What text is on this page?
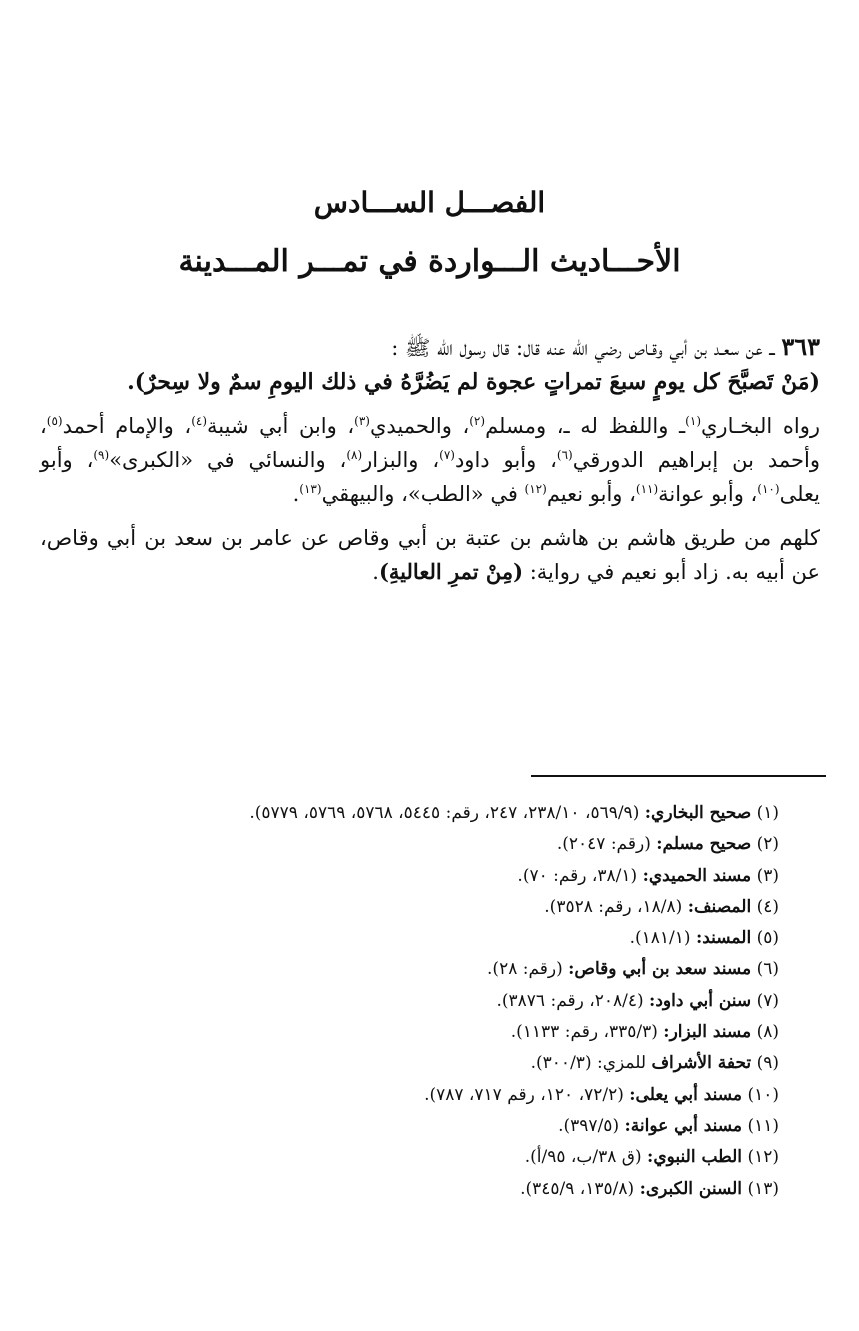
الفصـــل الســـادس
الأحـــاديث الـــواردة في تمـــر المـــدينة

٣٦٣ ــ عن سعـد بن أبي وقـاص رضي الله عنه قال: قال رسول الله ﷺ :
(مَنْ تَصبَّحَ كل يومٍ سبعَ تمراتٍ عجوة لم يَضُرَّهُ في ذلك اليومِ سمٌ ولا سِحرٌ).

رواه البخـاري$^{(١)}$ـ واللفظ له ـ، ومسلم$^{(٢)}$، والحميدي$^{(٣)}$، وابن أبي شيبة$^{(٤)}$، والإمام أحمد$^{(٥)}$، وأحمد بن إبراهيم الدورقي$^{(٦)}$، وأبو داود$^{(٧)}$، والبزار$^{(٨)}$، والنسائي في «الكبرى»$^{(٩)}$، وأبو يعلى$^{(١٠)}$، وأبو عوانة$^{(١١)}$، وأبو نعيم$^{(١٢)}$ في «الطب»، والبيهقي$^{(١٣)}$.

كلهم من طريق هاشم بن هاشم بن عتبة بن أبي وقاص عن عامر بن سعد بن أبي وقاص، عن أبيه به. زاد أبو نعيم في رواية: (مِنْ تمرِ العاليةِ).

(١) صحيح البخاري: (٥٦٩/٩، ٢٣٨/١٠، ٢٤٧، رقم: ٥٤٤٥، ٥٧٦٨، ٥٧٦٩، ٥٧٧٩).
(٢) صحيح مسلم: (رقم: ٢٠٤٧).
(٣) مسند الحميدي: (٣٨/١، رقم: ٧٠).
(٤) المصنف: (١٨/٨، رقم: ٣٥٢٨).
(٥) المسند: (١٨١/١).
(٦) مسند سعد بن أبي وقاص: (رقم: ٢٨).
(٧) سنن أبي داود: (٢٠٨/٤، رقم: ٣٨٧٦).
(٨) مسند البزار: (٣٣٥/٣، رقم: ١١٣٣).
(٩) تحفة الأشراف للمزي: (٣٠٠/٣).
(١٠) مسند أبي يعلى: (٧٢/٢، ١٢٠، رقم ٧١٧، ٧٨٧).
(١١) مسند أبي عوانة: (٣٩٧/٥).
(١٢) الطب النبوي: (ق ٣٨/ب، ٩٥/أ).
(١٣) السنن الكبرى: (١٣٥/٨، ٣٤٥/٩).
